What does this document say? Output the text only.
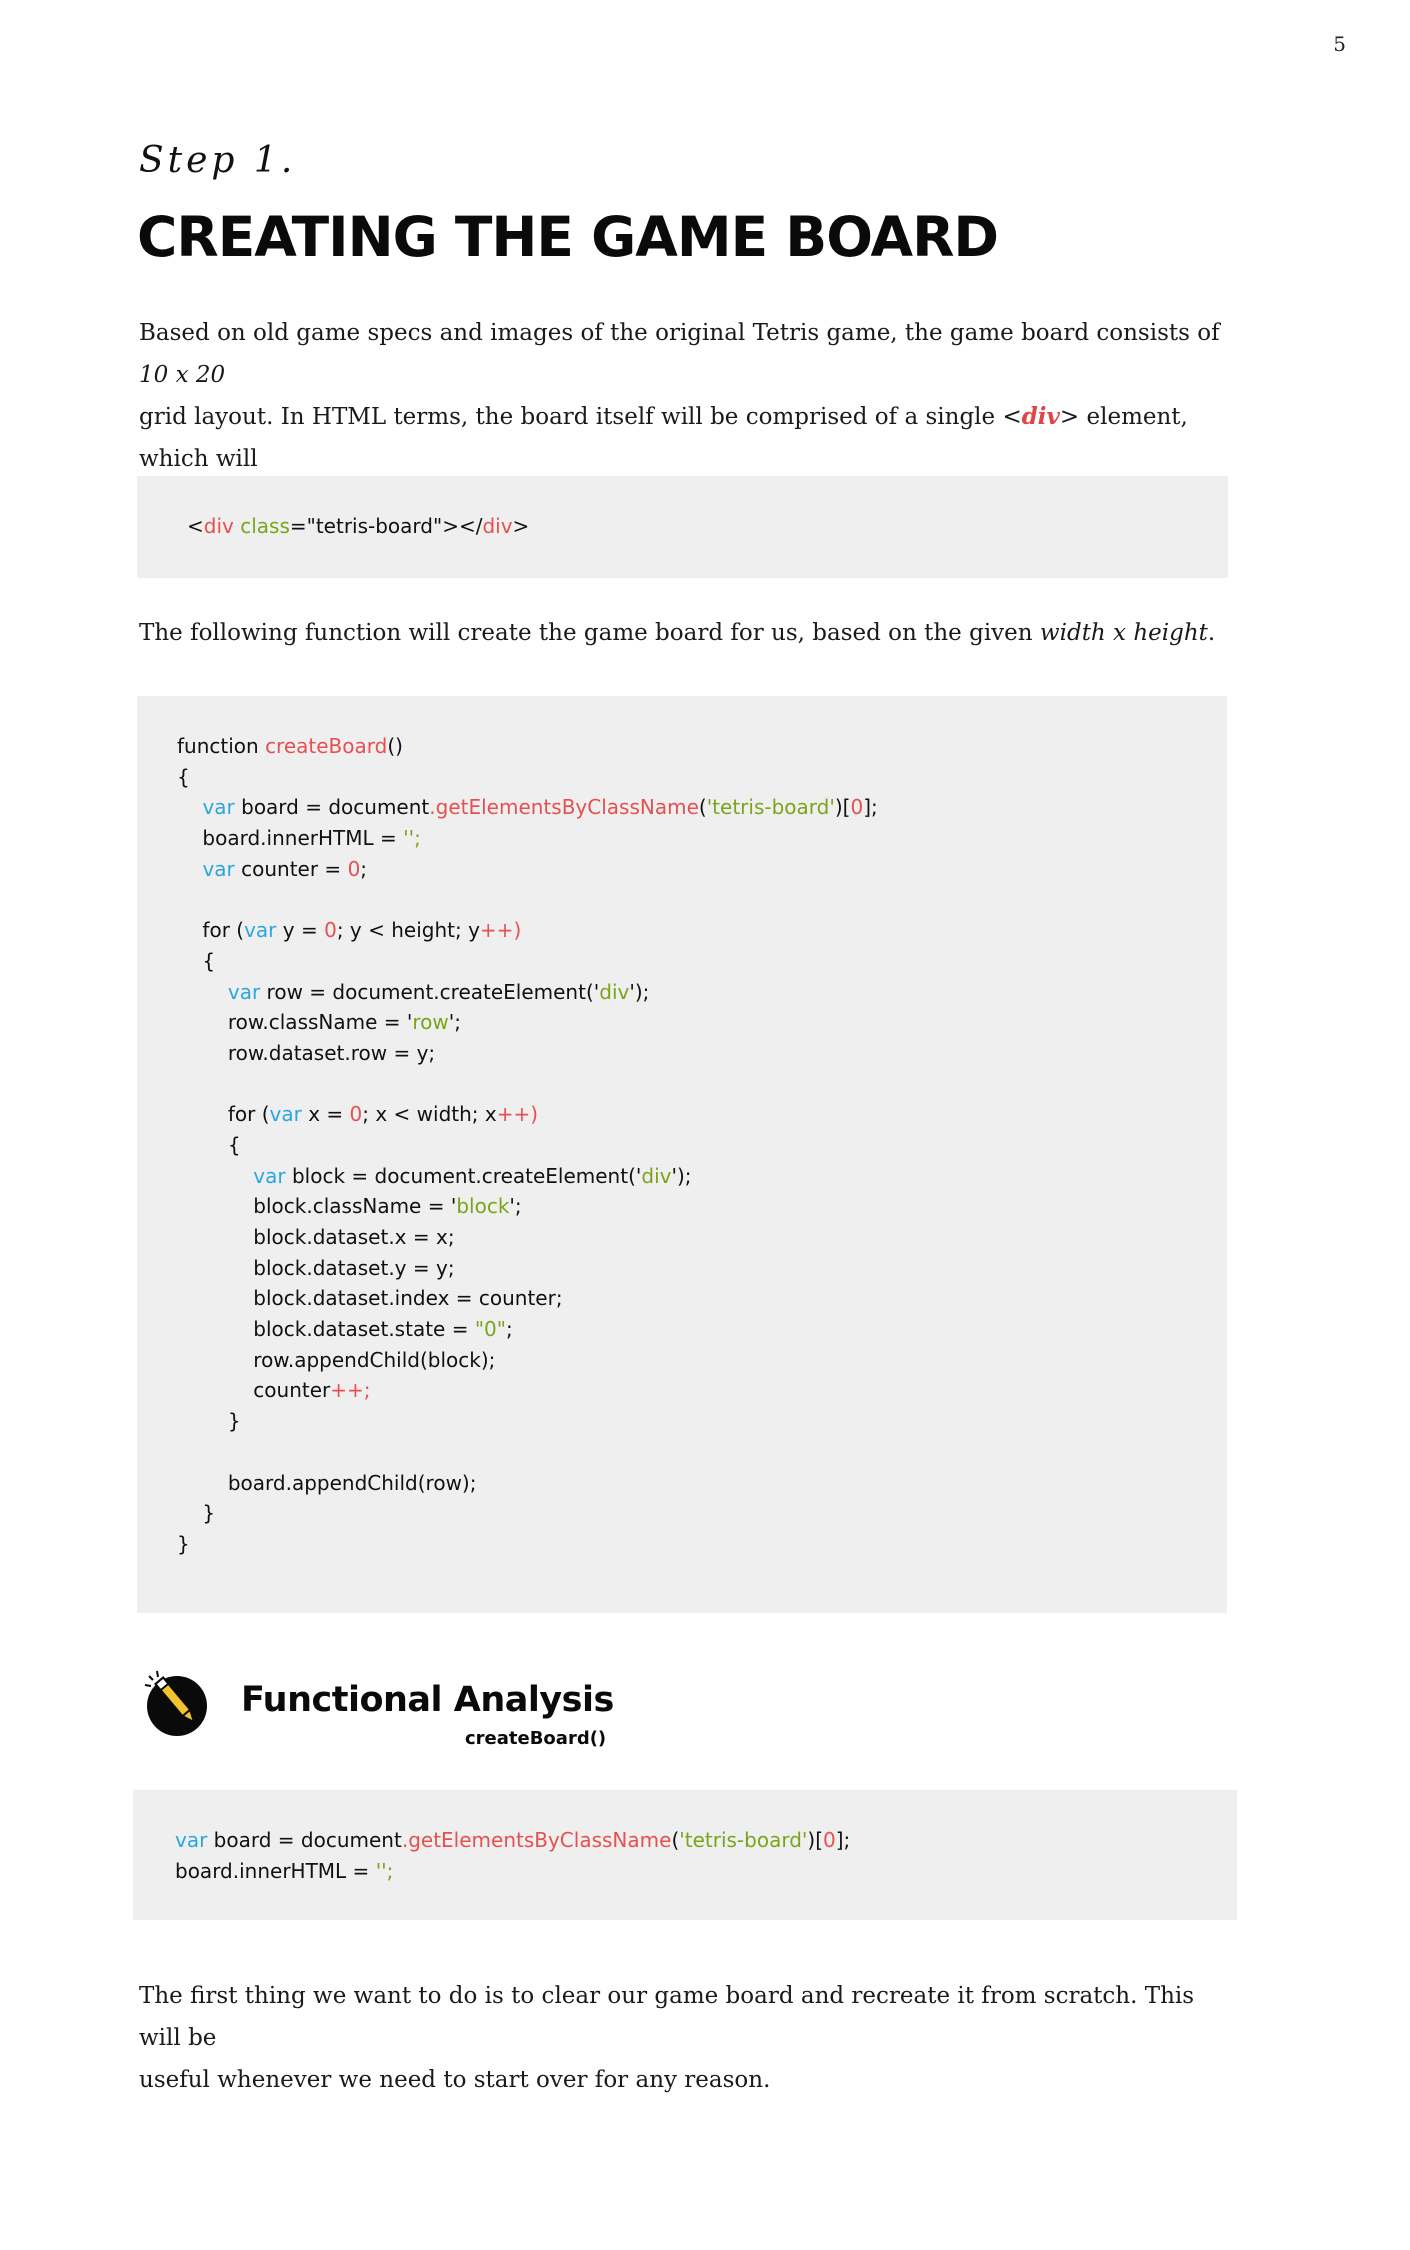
5
Step 1.
CREATING THE GAME BOARD
Based on old game specs and images of the original Tetris game, the game board consists of 10 x 20
grid layout. In HTML terms, the board itself will be comprised of a single <div> element, which will
<div class="tetris-board"></div>
The following function will create the game board for us, based on the given width x height.
function createBoard()
{
var board = document.getElementsByClassName('tetris-board')[0];
board.innerHTML = '';
var counter = 0;
for (var y = 0; y < height; y++)
{
var row = document.createElement('div');
row.className = 'row';
row.dataset.row = y;
for (var x = 0; x < width; x++)
{
var block = document.createElement('div');
block.className = 'block';
block.dataset.x = x;
block.dataset.y = y;
block.dataset.index = counter;
block.dataset.state = "0";
row.appendChild(block);
counter++;
}
board.appendChild(row);
}
}
Functional Analysis
createBoard()
var board = document.getElementsByClassName('tetris-board')[0];
board.innerHTML = '';
The first thing we want to do is to clear our game board and recreate it from scratch. This will be
useful whenever we need to start over for any reason.
